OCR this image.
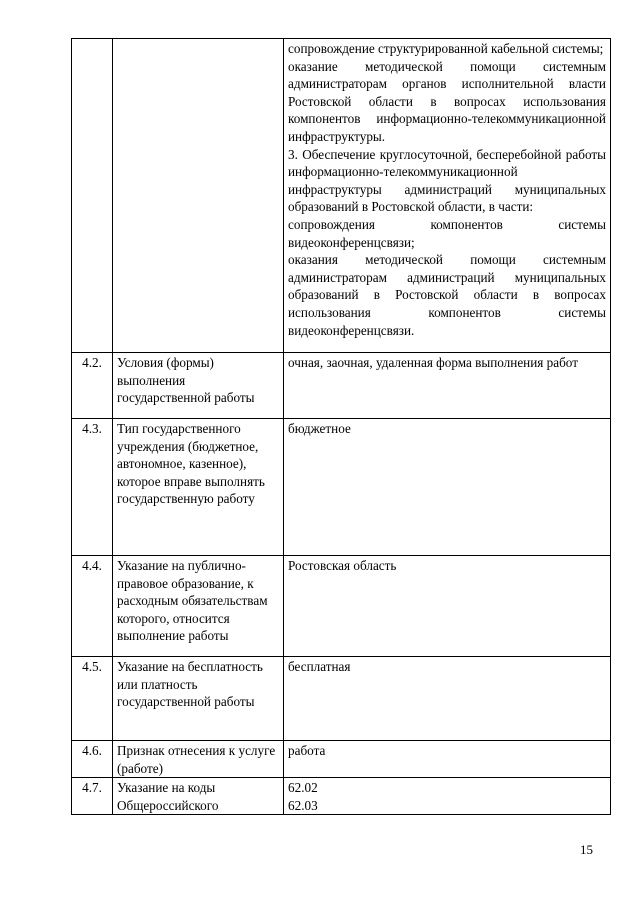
		сопровождение структурированной кабельной системы;
оказание методической помощи системным администраторам органов исполнительной власти Ростовской области в вопросах использования компонентов информационно-телекоммуникационной инфраструктуры.
3. Обеспечение круглосуточной, бесперебойной работы информационно-телекоммуникационной инфраструктуры администраций муниципальных образований в Ростовской области, в части:
сопровождения компонентов системы видеоконференцсвязи;
оказания методической помощи системным администраторам администраций муниципальных образований в Ростовской области в вопросах использования компонентов системы видеоконференцсвязи.

4.2.	Условия (формы) выполнения государственной работы	очная, заочная, удаленная форма выполнения работ

4.3.	Тип государственного учреждения (бюджетное, автономное, казенное), которое вправе выполнять государственную работу	бюджетное

4.4.	Указание на публично-правовое образование, к расходным обязательствам которого, относится выполнение работы	Ростовская область

4.5.	Указание на бесплатность или платность государственной работы	бесплатная

4.6.	Признак отнесения к услуге (работе)	работа

4.7.	Указание на коды Общероссийского	62.02
62.03
15
